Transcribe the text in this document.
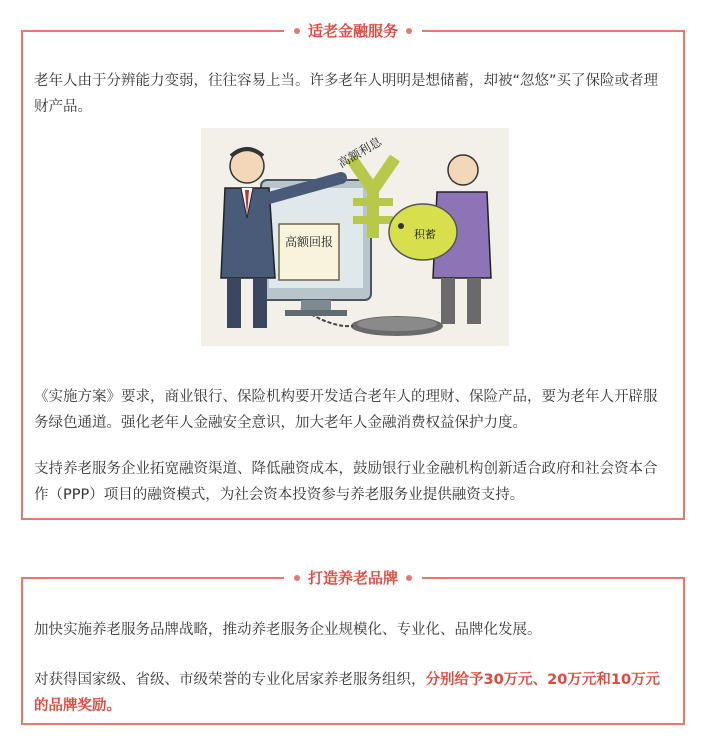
适老金融服务

老年人由于分辨能力变弱，往往容易上当。许多老年人明明是想储蓄，却被“忽悠”买了保险或者理财产品。

高额回报
高额利息
积蓄

《实施方案》要求，商业银行、保险机构要开发适合老年人的理财、保险产品，要为老年人开辟服务绿色通道。强化老年人金融安全意识，加大老年人金融消费权益保护力度。

支持养老服务企业拓宽融资渠道、降低融资成本，鼓励银行业金融机构创新适合政府和社会资本合作（PPP）项目的融资模式，为社会资本投资参与养老服务业提供融资支持。

打造养老品牌

加快实施养老服务品牌战略，推动养老服务企业规模化、专业化、品牌化发展。

对获得国家级、省级、市级荣誉的专业化居家养老服务组织，分别给予30万元、20万元和10万元的品牌奖励。
